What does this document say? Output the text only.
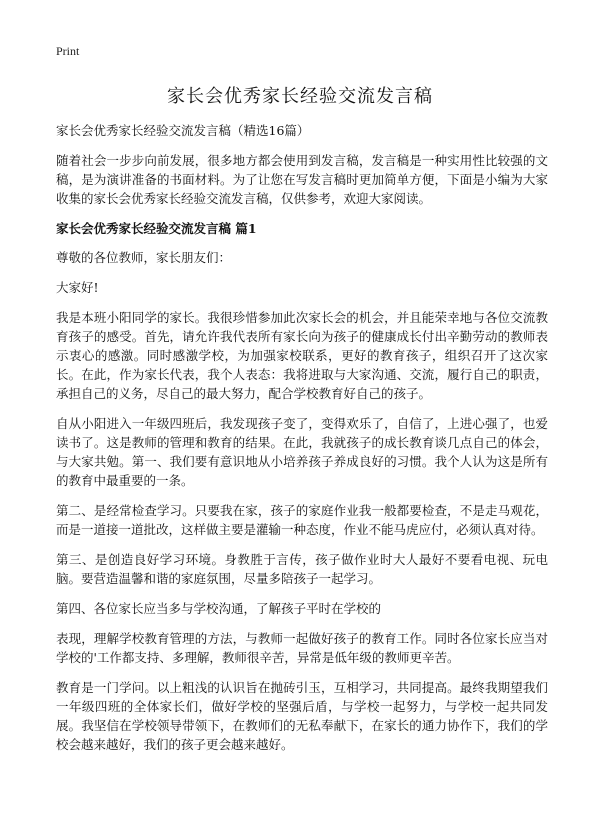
Print
家长会优秀家长经验交流发言稿
家长会优秀家长经验交流发言稿（精选16篇）

随着社会一步步向前发展，很多地方都会使用到发言稿，发言稿是一种实用性比较强的文稿，是为演讲准备的书面材料。为了让您在写发言稿时更加简单方便，下面是小编为大家收集的家长会优秀家长经验交流发言稿，仅供参考，欢迎大家阅读。

家长会优秀家长经验交流发言稿 篇1

尊敬的各位教师，家长朋友们：

大家好!

我是本班小阳同学的家长。我很珍惜参加此次家长会的机会，并且能荣幸地与各位交流教育孩子的感受。首先，请允许我代表所有家长向为孩子的健康成长付出辛勤劳动的教师表示衷心的感激。同时感激学校，为加强家校联系，更好的教育孩子，组织召开了这次家长。在此，作为家长代表，我个人表态：我将进取与大家沟通、交流，履行自己的职责，承担自己的义务，尽自己的最大努力，配合学校教育好自己的孩子。

自从小阳进入一年级四班后，我发现孩子变了，变得欢乐了，自信了，上进心强了，也爱读书了。这是教师的管理和教育的结果。在此，我就孩子的成长教育谈几点自己的体会，与大家共勉。第一、我们要有意识地从小培养孩子养成良好的习惯。我个人认为这是所有的教育中最重要的一条。

第二、是经常检查学习。只要我在家，孩子的家庭作业我一般都要检查，不是走马观花，而是一道接一道批改，这样做主要是灌输一种态度，作业不能马虎应付，必须认真对待。

第三、是创造良好学习环境。身教胜于言传，孩子做作业时大人最好不要看电视、玩电脑。要营造温馨和谐的家庭氛围，尽量多陪孩子一起学习。

第四、各位家长应当多与学校沟通，了解孩子平时在学校的

表现，理解学校教育管理的方法，与教师一起做好孩子的教育工作。同时各位家长应当对学校的'工作都支持、多理解，教师很辛苦，异常是低年级的教师更辛苦。

教育是一门学问。以上粗浅的认识旨在抛砖引玉，互相学习，共同提高。最终我期望我们一年级四班的全体家长们，做好学校的坚强后盾，与学校一起努力，与学校一起共同发展。我坚信在学校领导带领下，在教师们的无私奉献下，在家长的通力协作下，我们的学校会越来越好，我们的孩子更会越来越好。
